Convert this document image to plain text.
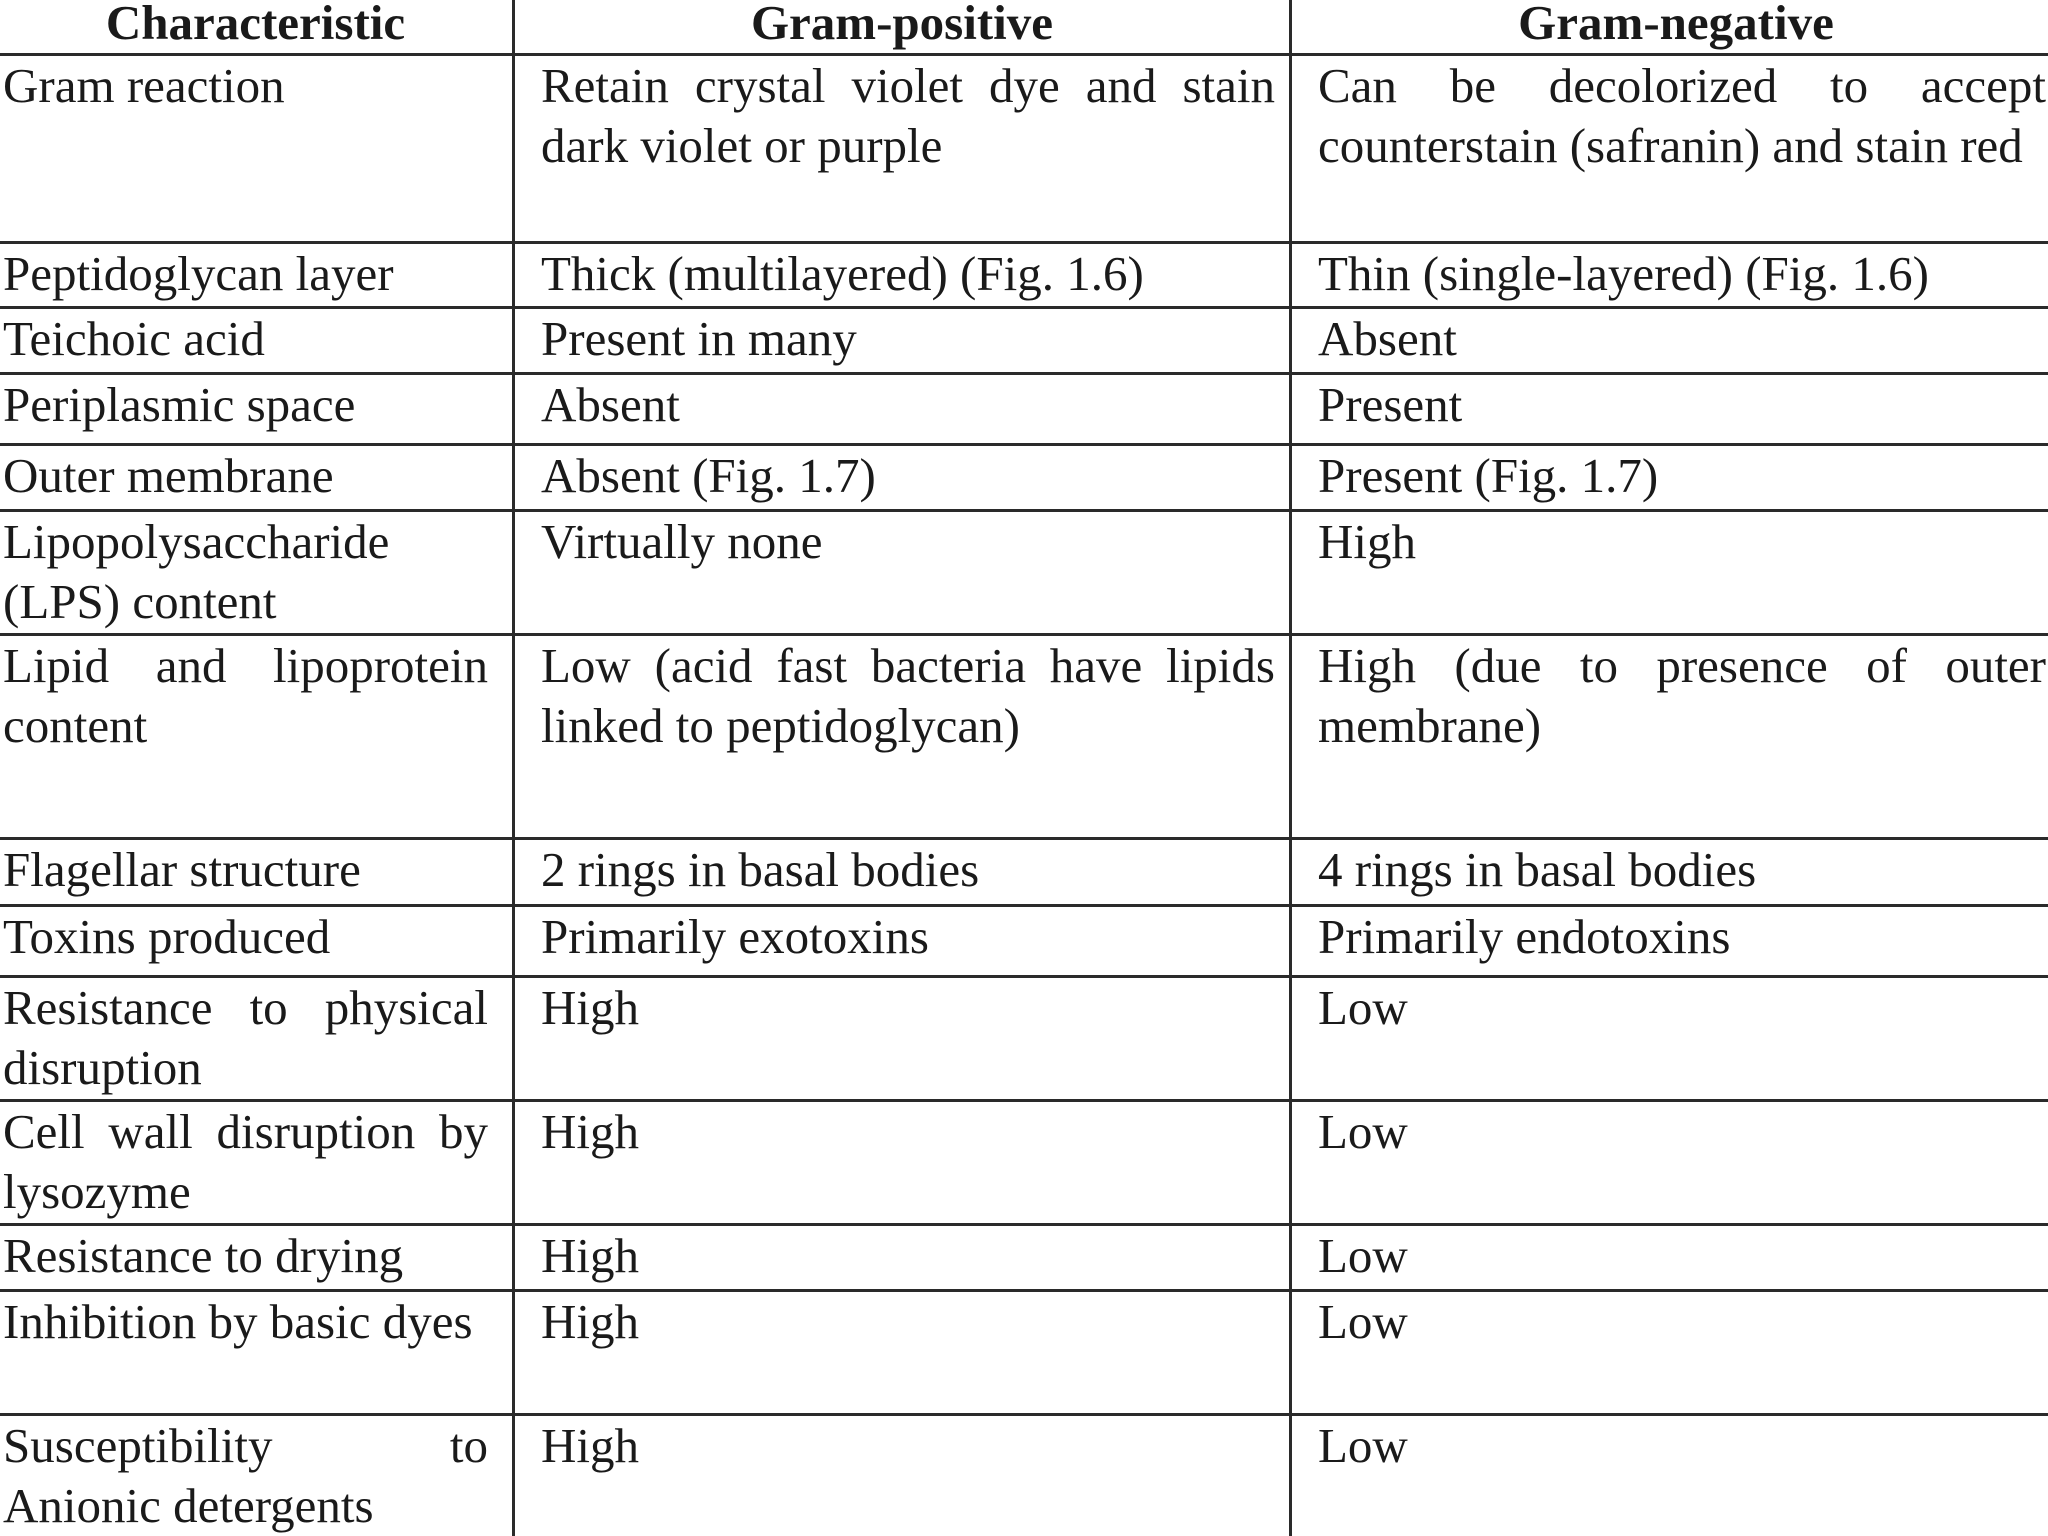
Characteristic	Gram-positive	Gram-negative
Gram reaction	Retain crystal violet dye and stain dark violet or purple	Can be decolorized to accept counterstain (safranin) and stain red
Peptidoglycan layer	Thick (multilayered) (Fig. 1.6)	Thin (single-layered) (Fig. 1.6)
Teichoic acid	Present in many	Absent
Periplasmic space	Absent	Present
Outer membrane	Absent (Fig. 1.7)	Present (Fig. 1.7)
Lipopolysaccharide (LPS) content	Virtually none	High
Lipid and lipoprotein content	Low (acid fast bacteria have lipids linked to peptidoglycan)	High (due to presence of outer membrane)
Flagellar structure	2 rings in basal bodies	4 rings in basal bodies
Toxins produced	Primarily exotoxins	Primarily endotoxins
Resistance to physical disruption	High	Low
Cell wall disruption by lysozyme	High	Low
Resistance to drying	High	Low
Inhibition by basic dyes	High	Low
Susceptibility to Anionic detergents	High	Low
